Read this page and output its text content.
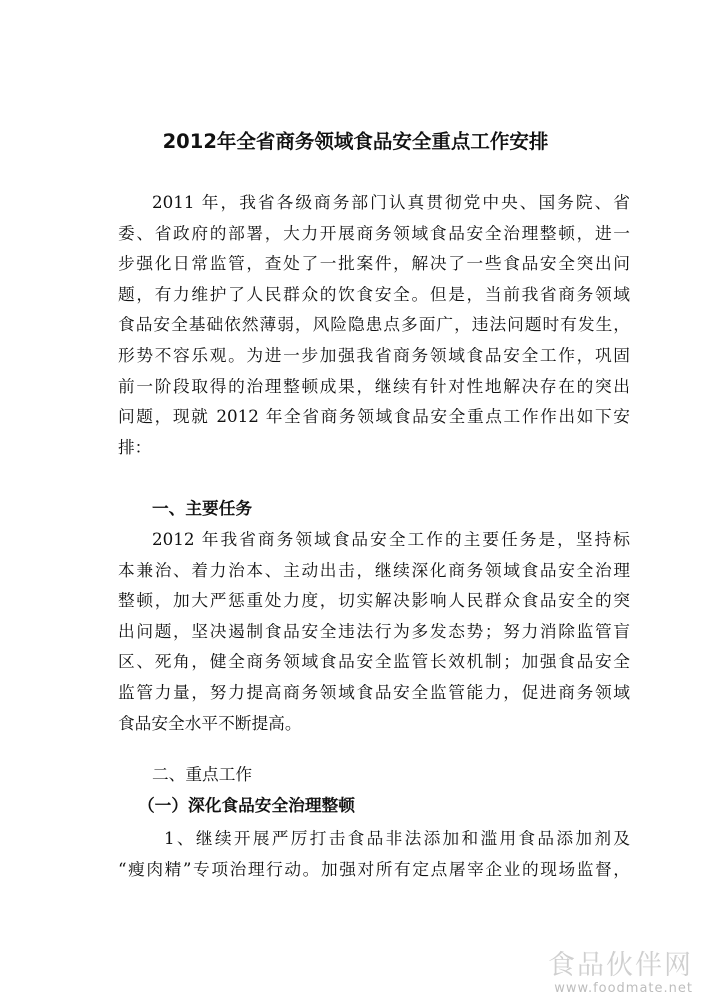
2012年全省商务领域食品安全重点工作安排
2011 年，我省各级商务部门认真贯彻党中央、国务院、省
委、省政府的部署，大力开展商务领域食品安全治理整顿，进一
步强化日常监管，查处了一批案件，解决了一些食品安全突出问
题，有力维护了人民群众的饮食安全。但是，当前我省商务领域
食品安全基础依然薄弱，风险隐患点多面广，违法问题时有发生，
形势不容乐观。为进一步加强我省商务领域食品安全工作，巩固
前一阶段取得的治理整顿成果，继续有针对性地解决存在的突出
问题，现就 2012 年全省商务领域食品安全重点工作作出如下安
排：
一、主要任务
2012 年我省商务领域食品安全工作的主要任务是，坚持标
本兼治、着力治本、主动出击，继续深化商务领域食品安全治理
整顿，加大严惩重处力度，切实解决影响人民群众食品安全的突
出问题，坚决遏制食品安全违法行为多发态势；努力消除监管盲
区、死角，健全商务领域食品安全监管长效机制；加强食品安全
监管力量，努力提高商务领域食品安全监管能力，促进商务领域
食品安全水平不断提高。
二、重点工作
（一）深化食品安全治理整顿
1、继续开展严厉打击食品非法添加和滥用食品添加剂及
“瘦肉精”专项治理行动。加强对所有定点屠宰企业的现场监督，
食品伙伴网
www.foodmate.net
